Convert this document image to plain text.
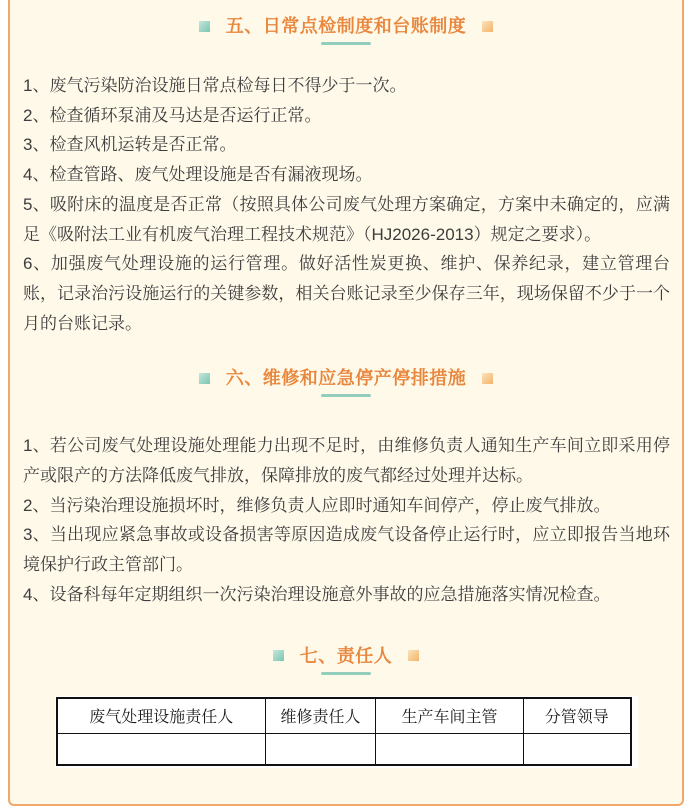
五、日常点检制度和台账制度

1、废气污染防治设施日常点检每日不得少于一次。

2、检查循环泵浦及马达是否运行正常。

3、检查风机运转是否正常。

4、检查管路、废气处理设施是否有漏液现场。

5、吸附床的温度是否正常（按照具体公司废气处理方案确定，方案中未确定的，应满足《吸附法工业有机废气治理工程技术规范》（HJ2026-2013）规定之要求）。

6、加强废气处理设施的运行管理。做好活性炭更换、维护、保养纪录，建立管理台账，记录治污设施运行的关键参数，相关台账记录至少保存三年，现场保留不少于一个月的台账记录。

六、维修和应急停产停排措施

1、若公司废气处理设施处理能力出现不足时，由维修负责人通知生产车间立即采用停产或限产的方法降低废气排放，保障排放的废气都经过处理并达标。

2、当污染治理设施损坏时，维修负责人应即时通知车间停产，停止废气排放。

3、当出现应紧急事故或设备损害等原因造成废气设备停止运行时，应立即报告当地环境保护行政主管部门。

4、设备科每年定期组织一次污染治理设施意外事故的应急措施落实情况检查。

七、责任人
废气处理设施责任人	维修责任人	生产车间主管	分管领导
